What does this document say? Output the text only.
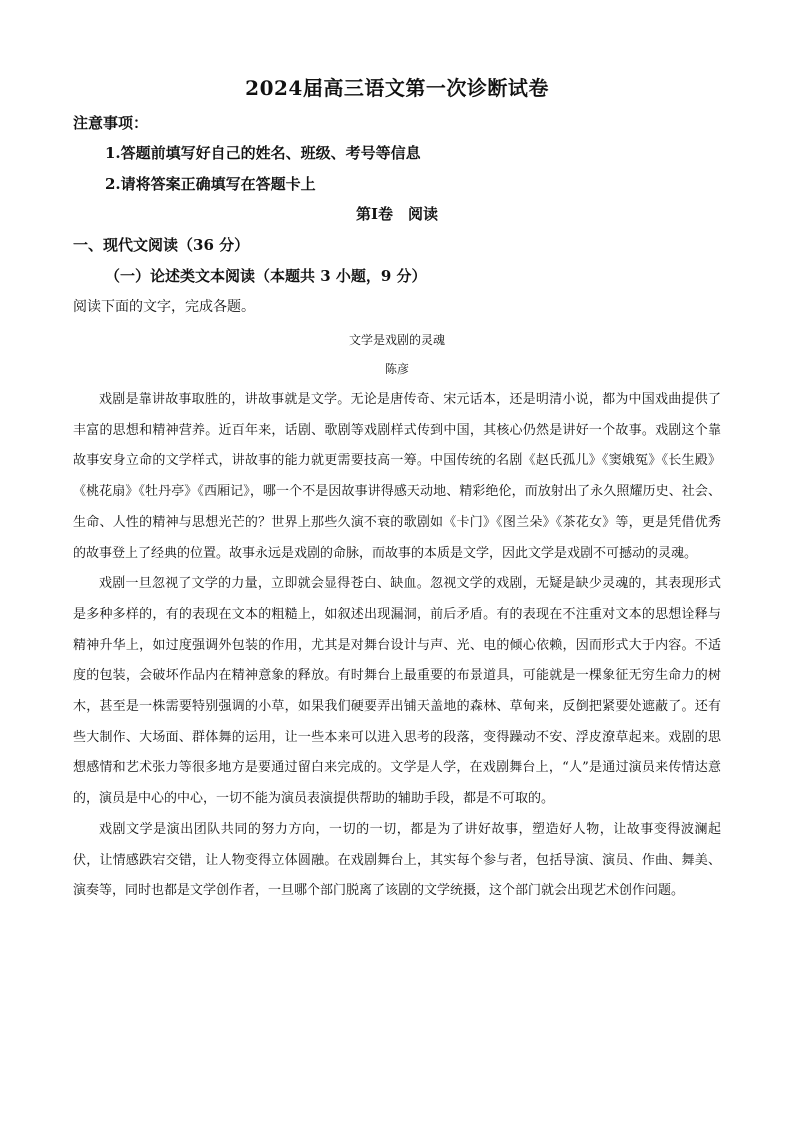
2024届高三语文第一次诊断试卷
注意事项：
1.答题前填写好自己的姓名、班级、考号等信息
2.请将答案正确填写在答题卡上
第Ⅰ卷　阅读
一、现代文阅读（36 分）
（一）论述类文本阅读（本题共 3 小题，9 分）
阅读下面的文字，完成各题。
文学是戏剧的灵魂
陈彦

戏剧是靠讲故事取胜的，讲故事就是文学。无论是唐传奇、宋元话本，还是明清小说，都为中国戏曲提供了丰富的思想和精神营养。近百年来，话剧、歌剧等戏剧样式传到中国，其核心仍然是讲好一个故事。戏剧这个靠故事安身立命的文学样式，讲故事的能力就更需要技高一筹。中国传统的名剧《赵氏孤儿》《窦娥冤》《长生殿》《桃花扇》《牡丹亭》《西厢记》，哪一个不是因故事讲得感天动地、精彩绝伦，而放射出了永久照耀历史、社会、生命、人性的精神与思想光芒的？世界上那些久演不衰的歌剧如《卡门》《图兰朵》《茶花女》等，更是凭借优秀的故事登上了经典的位置。故事永远是戏剧的命脉，而故事的本质是文学，因此文学是戏剧不可撼动的灵魂。

戏剧一旦忽视了文学的力量，立即就会显得苍白、缺血。忽视文学的戏剧，无疑是缺少灵魂的，其表现形式是多种多样的，有的表现在文本的粗糙上，如叙述出现漏洞，前后矛盾。有的表现在不注重对文本的思想诠释与精神升华上，如过度强调外包装的作用，尤其是对舞台设计与声、光、电的倾心依赖，因而形式大于内容。不适度的包装，会破坏作品内在精神意象的释放。有时舞台上最重要的布景道具，可能就是一棵象征无穷生命力的树木，甚至是一株需要特别强调的小草，如果我们硬要弄出铺天盖地的森林、草甸来，反倒把紧要处遮蔽了。还有些大制作、大场面、群体舞的运用，让一些本来可以进入思考的段落，变得躁动不安、浮皮潦草起来。戏剧的思想感情和艺术张力等很多地方是要通过留白来完成的。文学是人学，在戏剧舞台上，“人”是通过演员来传情达意的，演员是中心的中心，一切不能为演员表演提供帮助的辅助手段，都是不可取的。

戏剧文学是演出团队共同的努力方向，一切的一切，都是为了讲好故事，塑造好人物，让故事变得波澜起伏，让情感跌宕交错，让人物变得立体圆融。在戏剧舞台上，其实每个参与者，包括导演、演员、作曲、舞美、演奏等，同时也都是文学创作者，一旦哪个部门脱离了该剧的文学统摄，这个部门就会出现艺术创作问题。
